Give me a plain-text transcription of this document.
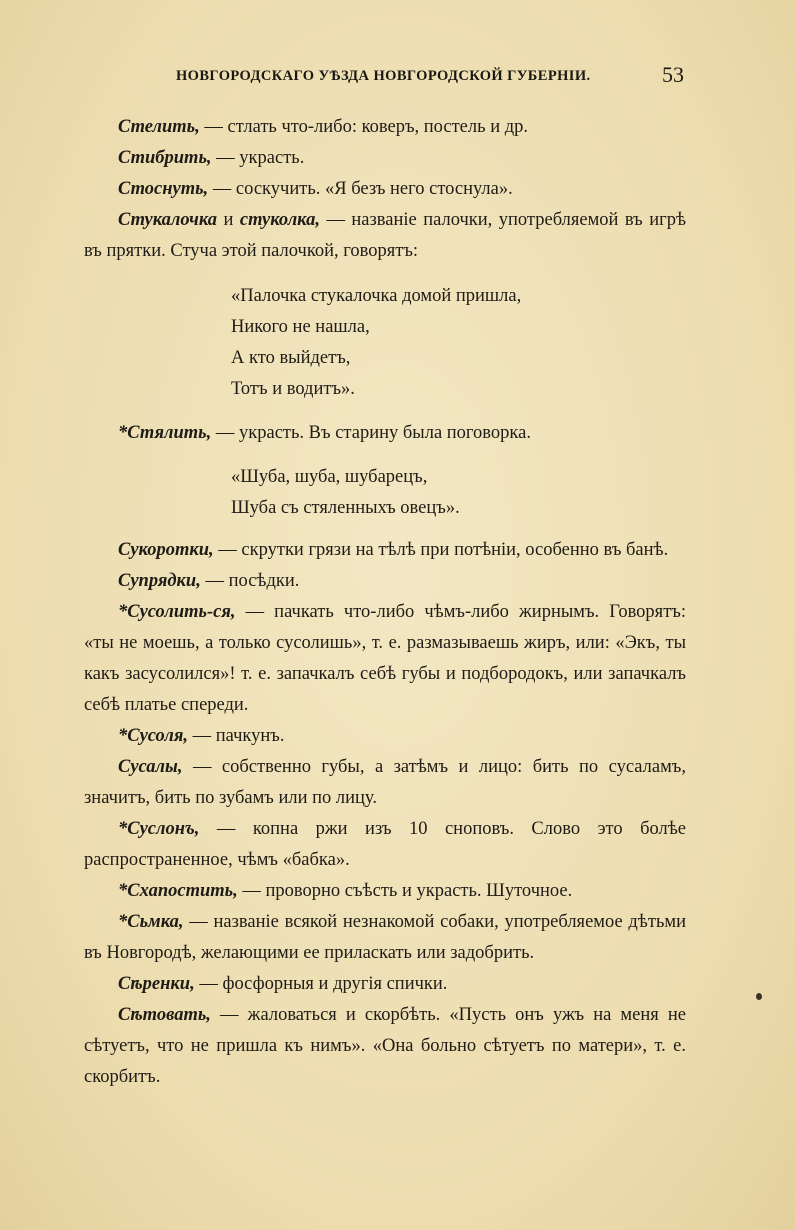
НОВГОРОДСКАГО УѢЗДА НОВГОРОДСКОЙ ГУБЕРНІИ.	53

Стелить, — стлать что-либо: коверъ, постель и др.

Стибрить, — украсть.

Стоснуть, — соскучить. «Я безъ него стоснула».

Стукалочка и стуколка, — названіе палочки, употребляемой въ игрѣ въ прятки. Стуча этой палочкой, говорятъ:

«Палочка стукалочка домой пришла,
Никого не нашла,
А кто выйдетъ,
Тотъ и водитъ».

*Стялить, — украсть. Въ старину была поговорка.

«Шуба, шуба, шубарецъ,
Шуба съ стяленныхъ овецъ».

Сукоротки, — скрутки грязи на тѣлѣ при потѣніи, особенно въ банѣ.

Супрядки, — посѣдки.

*Сусолить-ся, — пачкать что-либо чѣмъ-либо жирнымъ. Говорятъ: «ты не моешь, а только сусолишь», т. е. размазываешь жиръ, или: «Экъ, ты какъ засусолился»! т. е. запачкалъ себѣ губы и подбородокъ, или запачкалъ себѣ платье спереди.

*Сусоля, — пачкунъ.

Сусалы, — собственно губы, а затѣмъ и лицо: бить по сусаламъ, значитъ, бить по зубамъ или по лицу.

*Суслонъ, — копна ржи изъ 10 сноповъ. Слово это болѣе распространенное, чѣмъ «бабка».

*Схапостить, — проворно съѣсть и украсть. Шуточное.

*Сьмка, — названіе всякой незнакомой собаки, употребляемое дѣтьми въ Новгородѣ, желающими ее приласкать или задобрить.

Сѣренки, — фосфорныя и другія спички.

Сѣтовать, — жаловаться и скорбѣть. «Пусть онъ ужъ на меня не сѣтуетъ, что не пришла къ нимъ». «Она больно сѣтуетъ по матери», т. е. скорбитъ.
